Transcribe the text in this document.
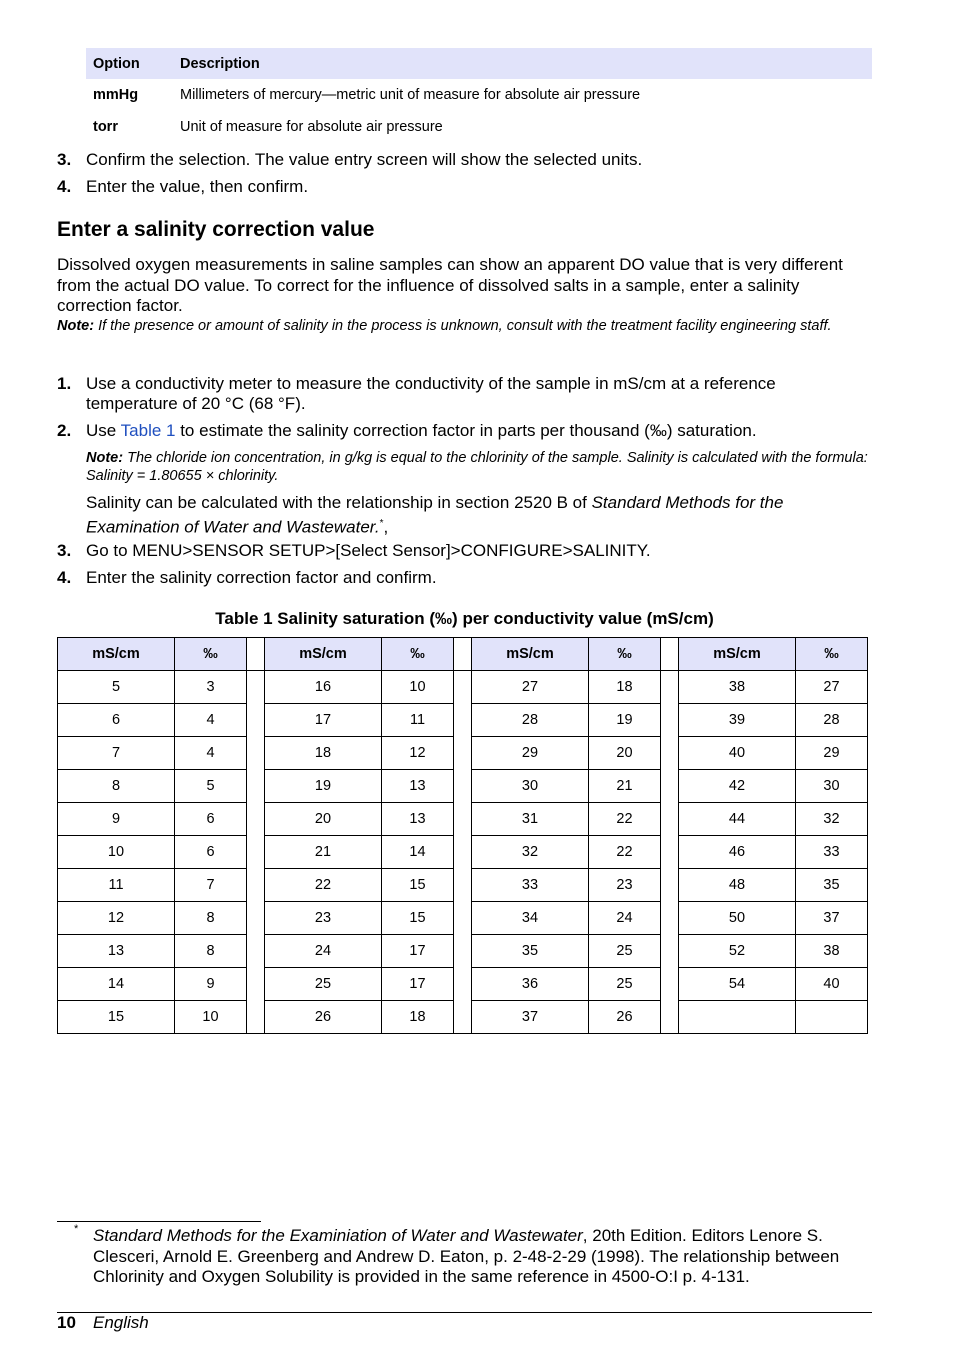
Option	Description
mmHg	Millimeters of mercury—metric unit of measure for absolute air pressure
torr	Unit of measure for absolute air pressure
3. Confirm the selection. The value entry screen will show the selected units.
4. Enter the value, then confirm.
Enter a salinity correction value
Dissolved oxygen measurements in saline samples can show an apparent DO value that is very different from the actual DO value. To correct for the influence of dissolved salts in a sample, enter a salinity correction factor.
Note: If the presence or amount of salinity in the process is unknown, consult with the treatment facility engineering staff.
1. Use a conductivity meter to measure the conductivity of the sample in mS/cm at a reference temperature of 20 °C (68 °F).
2. Use Table 1 to estimate the salinity correction factor in parts per thousand (‰) saturation.
Note: The chloride ion concentration, in g/kg is equal to the chlorinity of the sample. Salinity is calculated with the formula: Salinity = 1.80655 × chlorinity.
Salinity can be calculated with the relationship in section 2520 B of Standard Methods for the Examination of Water and Wastewater.*,
3. Go to MENU>SENSOR SETUP>[Select Sensor]>CONFIGURE>SALINITY.
4. Enter the salinity correction factor and confirm.
Table 1 Salinity saturation (‰) per conductivity value (mS/cm)
mS/cm	‰		mS/cm	‰		mS/cm	‰		mS/cm	‰
5	3		16	10		27	18		38	27
6	4		17	11		28	19		39	28
7	4		18	12		29	20		40	29
8	5		19	13		30	21		42	30
9	6		20	13		31	22		44	32
10	6		21	14		32	22		46	33
11	7		22	15		33	23		48	35
12	8		23	15		34	24		50	37
13	8		24	17		35	25		52	38
14	9		25	17		36	25		54	40
15	10		26	18		37	26			
* Standard Methods for the Examiniation of Water and Wastewater, 20th Edition. Editors Lenore S. Clesceri, Arnold E. Greenberg and Andrew D. Eaton, p. 2-48-2-29 (1998). The relationship between Chlorinity and Oxygen Solubility is provided in the same reference in 4500-O:I p. 4-131.
10 English
